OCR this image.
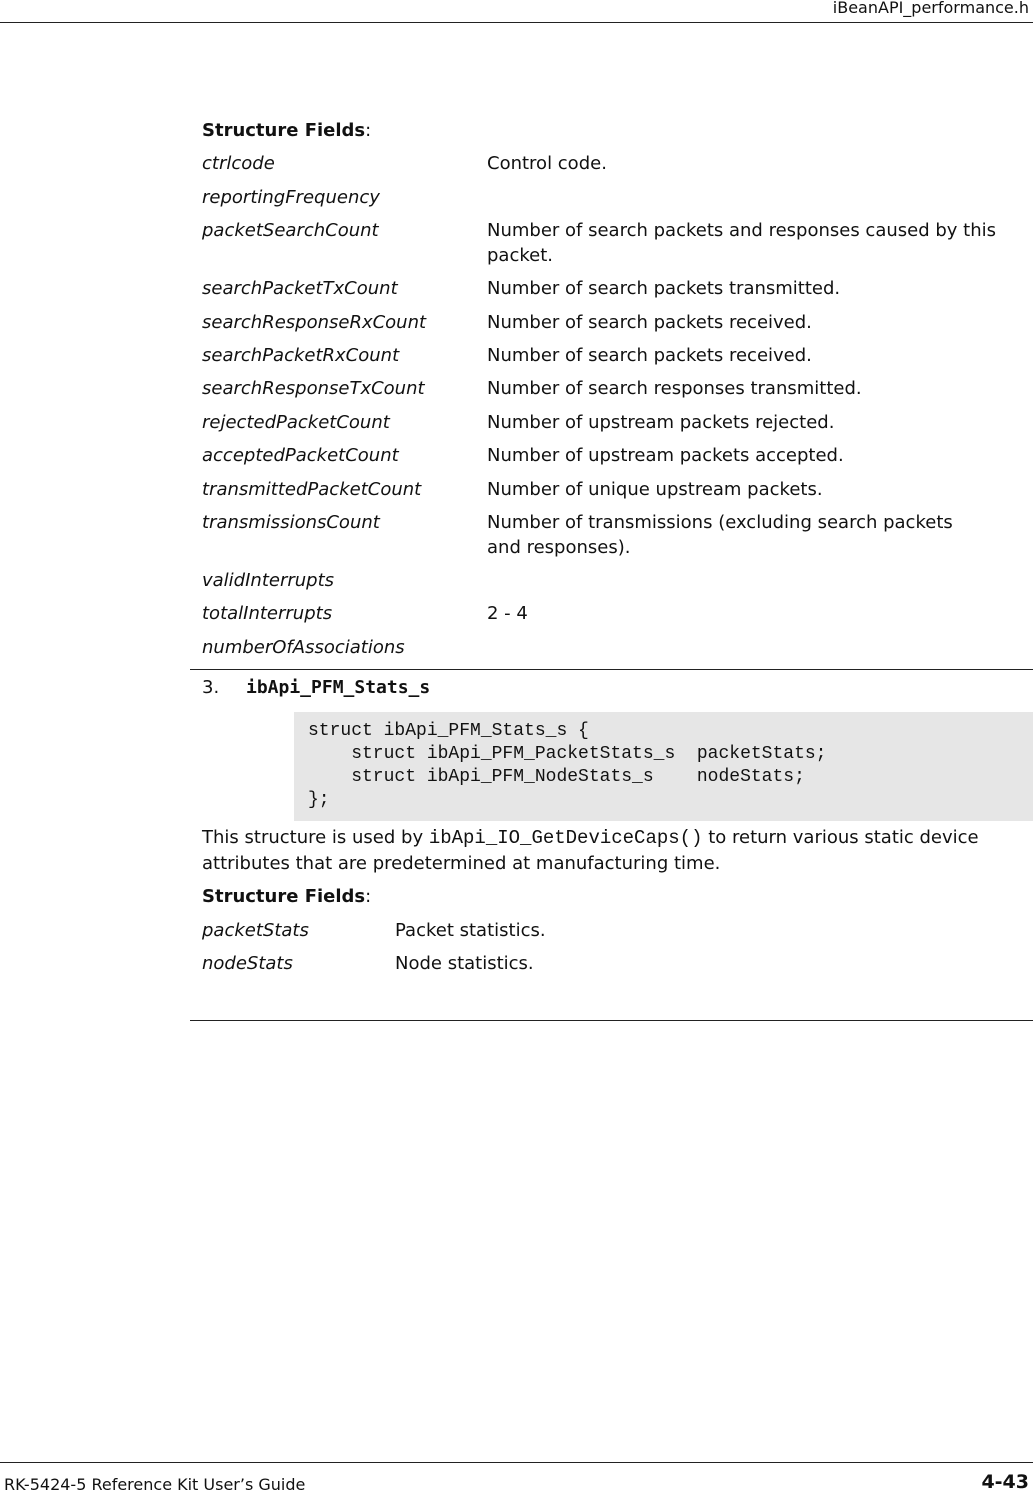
iBeanAPI_performance.h
Structure Fields:
ctrlcode	Control code.
reportingFrequency
packetSearchCount	Number of search packets and responses caused by this packet.
searchPacketTxCount	Number of search packets transmitted.
searchResponseRxCount	Number of search packets received.
searchPacketRxCount	Number of search packets received.
searchResponseTxCount	Number of search responses transmitted.
rejectedPacketCount	Number of upstream packets rejected.
acceptedPacketCount	Number of upstream packets accepted.
transmittedPacketCount	Number of unique upstream packets.
transmissionsCount	Number of transmissions (excluding search packets and responses).
validInterrupts
totalInterrupts	2 - 4
numberOfAssociations
3. ibApi_PFM_Stats_s
struct ibApi_PFM_Stats_s {
struct ibApi_PFM_PacketStats_s  packetStats;
struct ibApi_PFM_NodeStats_s    nodeStats;
};
This structure is used by ibApi_IO_GetDeviceCaps() to return various static device attributes that are predetermined at manufacturing time.
Structure Fields:
packetStats	Packet statistics.
nodeStats	Node statistics.
RK-5424-5 Reference Kit User’s Guide	4-43
